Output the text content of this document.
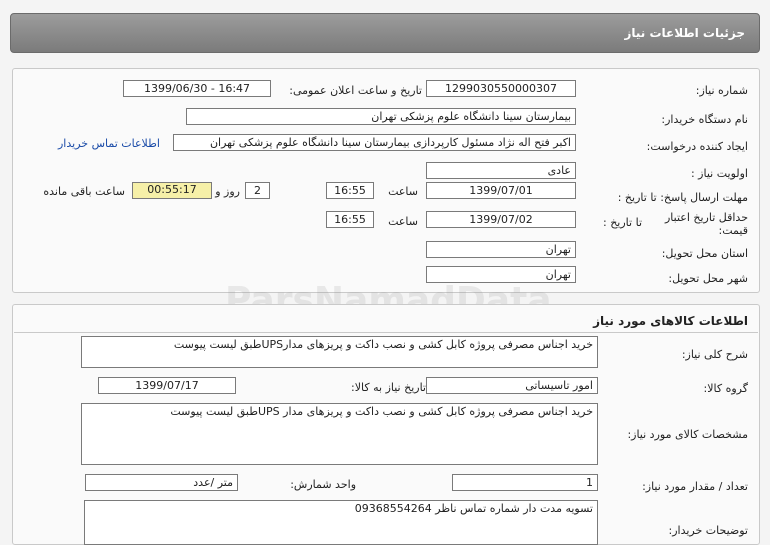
جزئیات اطلاعات نیاز
ParsNamadData
شماره نیاز:
1299030550000307
تاریخ و ساعت اعلان عمومی:
1399/06/30 - 16:47
نام دستگاه خریدار:
بیمارستان سینا دانشگاه علوم پزشکی تهران
ایجاد کننده درخواست:
اکبر فتح اله نژاد مسئول کارپردازی بیمارستان سینا دانشگاه علوم پزشکی تهران
اطلاعات تماس خریدار
اولویت نیاز :
عادی
مهلت ارسال پاسخ: تا تاریخ :
1399/07/01
ساعت
16:55
2
روز و
00:55:17
ساعت باقی مانده
حداقل تاریخ اعتبار قیمت:
تا تاریخ :
1399/07/02
ساعت
16:55
استان محل تحویل:
تهران
شهر محل تحویل:
تهران
اطلاعات کالاهای مورد نیاز
شرح کلی نیاز:
خرید اجناس مصرفی پروژه کابل کشی و نصب داکت و پریزهای مدارUPSطبق لیست پیوست
گروه کالا:
امور تاسیساتی
تاریخ نیاز به کالا:
1399/07/17
مشخصات کالای مورد نیاز:
خرید اجناس مصرفی پروژه کابل کشی و نصب داکت و پریزهای مدار UPSطبق لیست پیوست
تعداد / مقدار مورد نیاز:
1
واحد شمارش:
متر /عدد
توضیحات خریدار:
تسویه مدت دار شماره تماس ناظر 09368554264
